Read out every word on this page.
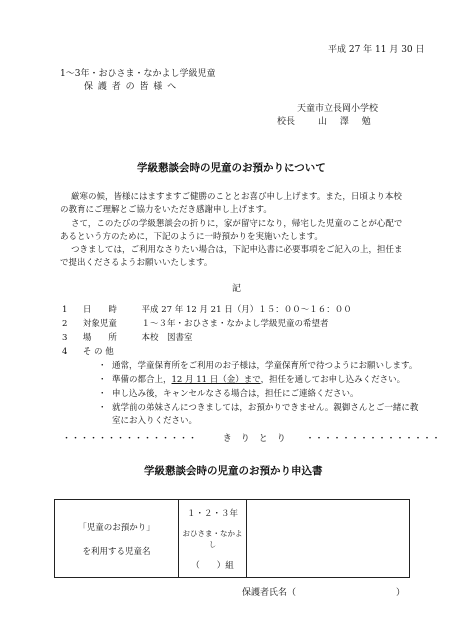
平成 27 年 11 月 30 日
1～3年・おひさま・なかよし学級児童
保 護 者 の 皆 様 へ
天童市立長岡小学校
校長	山 澤 勉
学級懇談会時の児童のお預かりについて
厳寒の候，皆様にはますますご健勝のこととお喜び申し上げます。また，日頃より本校
の教育にご理解とご協力をいただき感謝申し上げます。
さて，このたびの学級懇談会の折りに，家が留守になり，帰宅した児童のことが心配で
あるという方のために，下記のように一時預かりを実施いたします。
つきましては，ご利用なさりたい場合は，下記申込書に必要事項をご記入の上，担任ま
で提出くださるようお願いいたします。
記
1 日　　時	平成 27 年 12 月 21 日（月）１５：００～１６：００
2 対象児童	１～３年・おひさま・なかよし学級児童の希望者
3 場　　所	本校　図書室
4 そ の 他
・ 通常，学童保育所をご利用のお子様は，学童保育所で待つようにお願いします。
・ 準備の都合上，12 月 11 日（金）まで，担任を通してお申し込みください。
・ 申し込み後，キャンセルなさる場合は，担任にご連絡ください。
・ 就学前の弟妹さんにつきましては，お預かりできません。親御さんとご一緒に教
室にお入りください。
・・・・・・・・・・・・・・・	き　り　と　り ・・・・・・・・・・・・・・・
学級懇談会時の児童のお預かり申込書
「児童のお預かり」
を利用する児童名

１・２・３年
おひさま・なかよし
（　　）組

保護者氏名（	）
